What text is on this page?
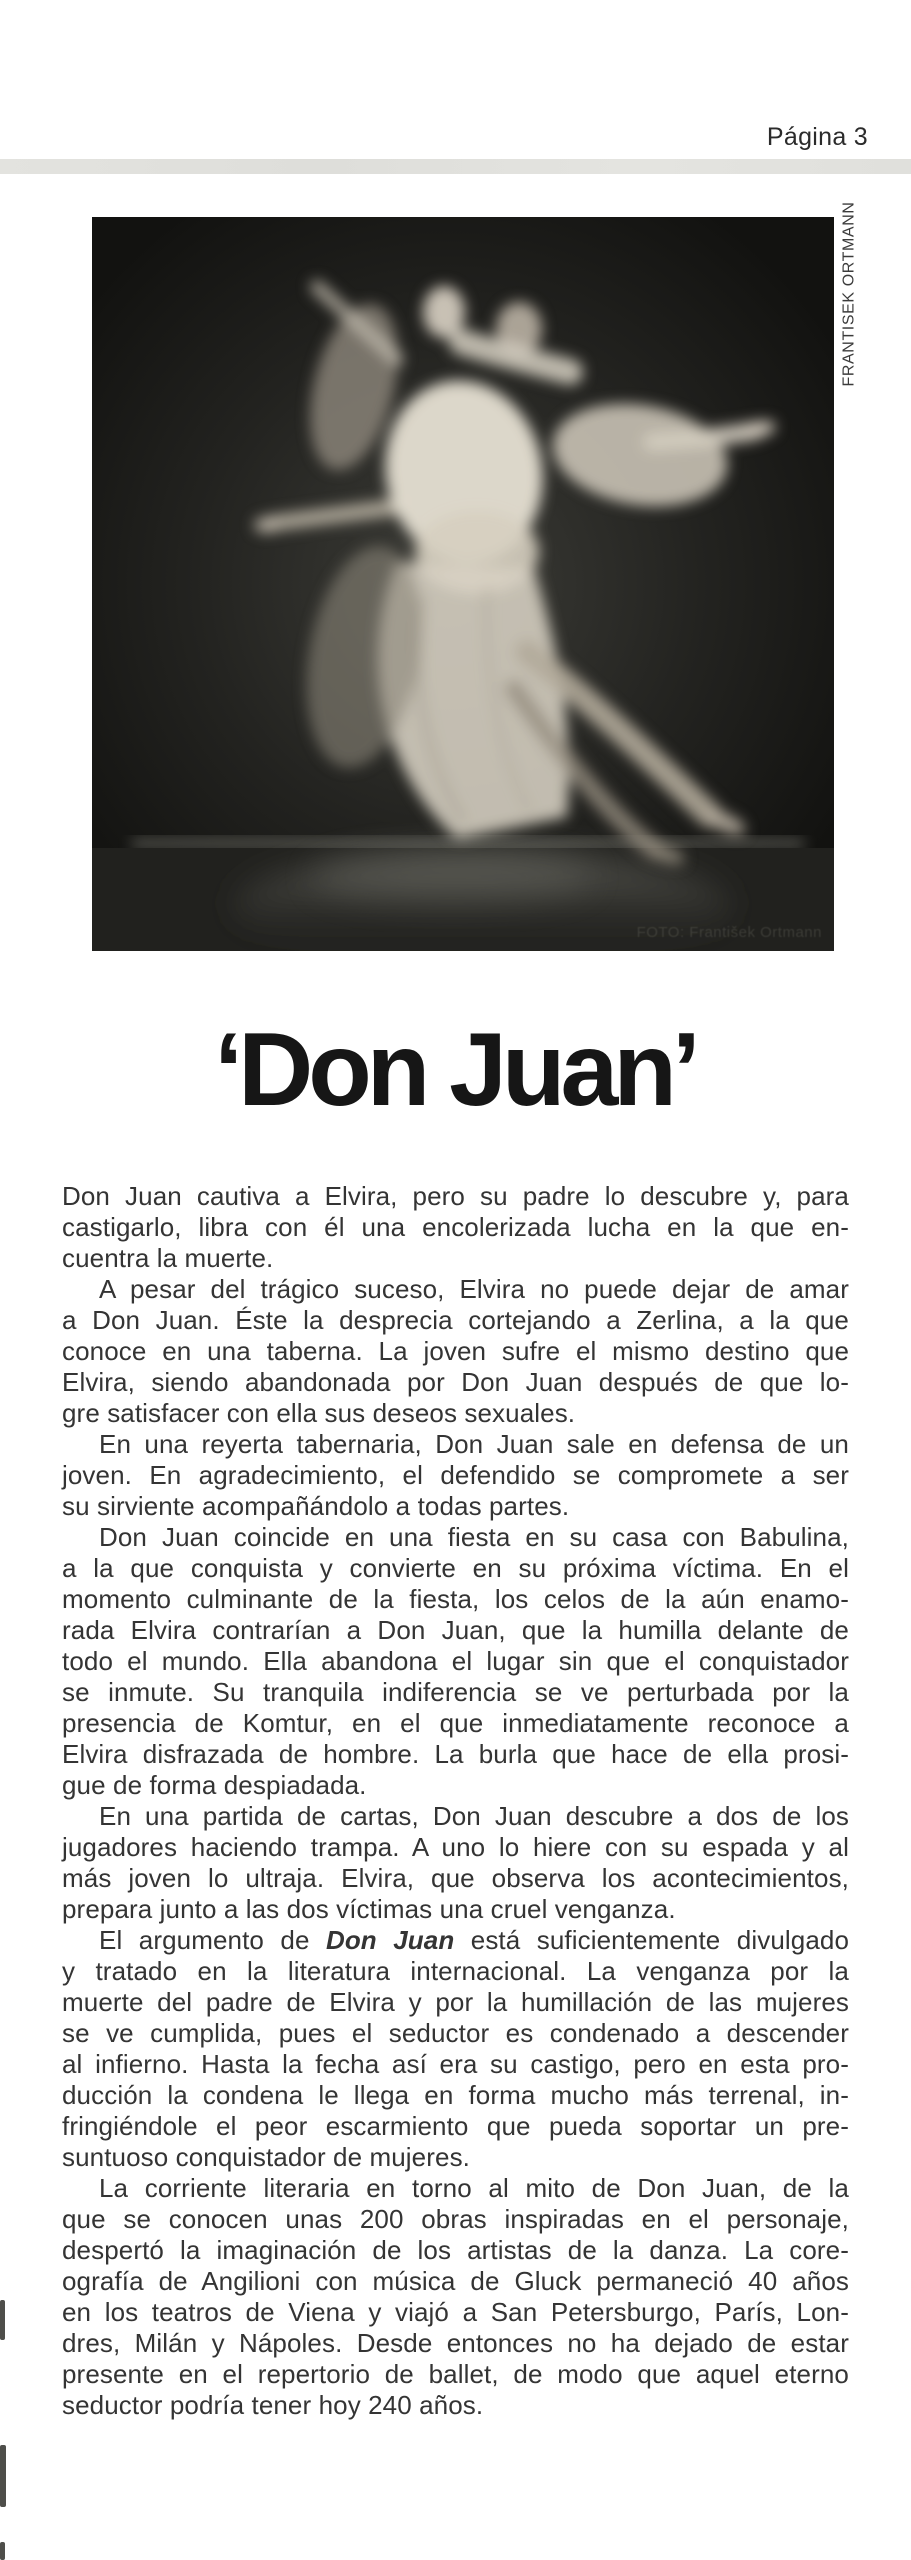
Página 3
FOTO: František Ortmann
FRANTISEK ORTMANN
‘Don Juan’
Don Juan cautiva a Elvira, pero su padre lo descubre y, para
castigarlo, libra con él una encolerizada lucha en la que en-
cuentra la muerte.
A pesar del trágico suceso, Elvira no puede dejar de amar
a Don Juan. Éste la desprecia cortejando a Zerlina, a la que
conoce en una taberna. La joven sufre el mismo destino que
Elvira, siendo abandonada por Don Juan después de que lo-
gre satisfacer con ella sus deseos sexuales.
En una reyerta tabernaria, Don Juan sale en defensa de un
joven. En agradecimiento, el defendido se compromete a ser
su sirviente acompañándolo a todas partes.
Don Juan coincide en una fiesta en su casa con Babulina,
a la que conquista y convierte en su próxima víctima. En el
momento culminante de la fiesta, los celos de la aún enamo-
rada Elvira contrarían a Don Juan, que la humilla delante de
todo el mundo. Ella abandona el lugar sin que el conquistador
se inmute. Su tranquila indiferencia se ve perturbada por la
presencia de Komtur, en el que inmediatamente reconoce a
Elvira disfrazada de hombre. La burla que hace de ella prosi-
gue de forma despiadada.
En una partida de cartas, Don Juan descubre a dos de los
jugadores haciendo trampa. A uno lo hiere con su espada y al
más joven lo ultraja. Elvira, que observa los acontecimientos,
prepara junto a las dos víctimas una cruel venganza.
El argumento de Don Juan está suficientemente divulgado
y tratado en la literatura internacional. La venganza por la
muerte del padre de Elvira y por la humillación de las mujeres
se ve cumplida, pues el seductor es condenado a descender
al infierno. Hasta la fecha así era su castigo, pero en esta pro-
ducción la condena le llega en forma mucho más terrenal, in-
fringiéndole el peor escarmiento que pueda soportar un pre-
suntuoso conquistador de mujeres.
La corriente literaria en torno al mito de Don Juan, de la
que se conocen unas 200 obras inspiradas en el personaje,
despertó la imaginación de los artistas de la danza. La core-
ografía de Angilioni con música de Gluck permaneció 40 años
en los teatros de Viena y viajó a San Petersburgo, París, Lon-
dres, Milán y Nápoles. Desde entonces no ha dejado de estar
presente en el repertorio de ballet, de modo que aquel eterno
seductor podría tener hoy 240 años.
